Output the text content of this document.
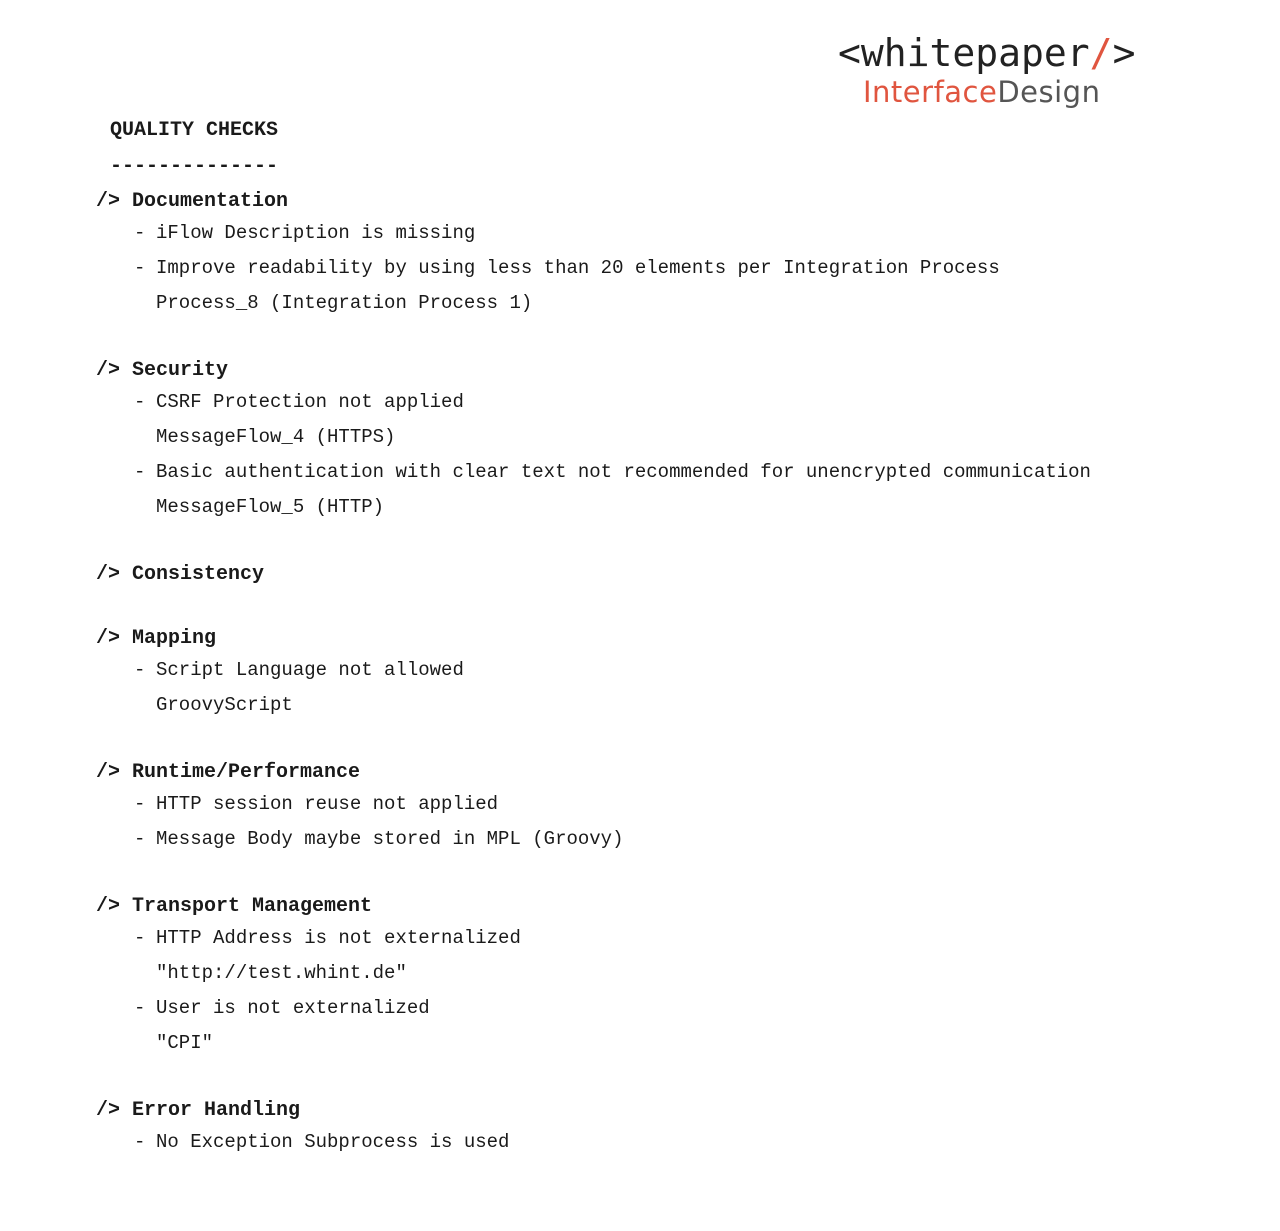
<whitepaper/>
InterfaceDesign
QUALITY CHECKS
--------------
/> Documentation
- iFlow Description is missing
- Improve readability by using less than 20 elements per Integration Process
Process_8 (Integration Process 1)
/> Security
- CSRF Protection not applied
MessageFlow_4 (HTTPS)
- Basic authentication with clear text not recommended for unencrypted communication
MessageFlow_5 (HTTP)
/> Consistency
/> Mapping
- Script Language not allowed
GroovyScript
/> Runtime/Performance
- HTTP session reuse not applied
- Message Body maybe stored in MPL (Groovy)
/> Transport Management
- HTTP Address is not externalized
"http://test.whint.de"
- User is not externalized
"CPI"
/> Error Handling
- No Exception Subprocess is used
